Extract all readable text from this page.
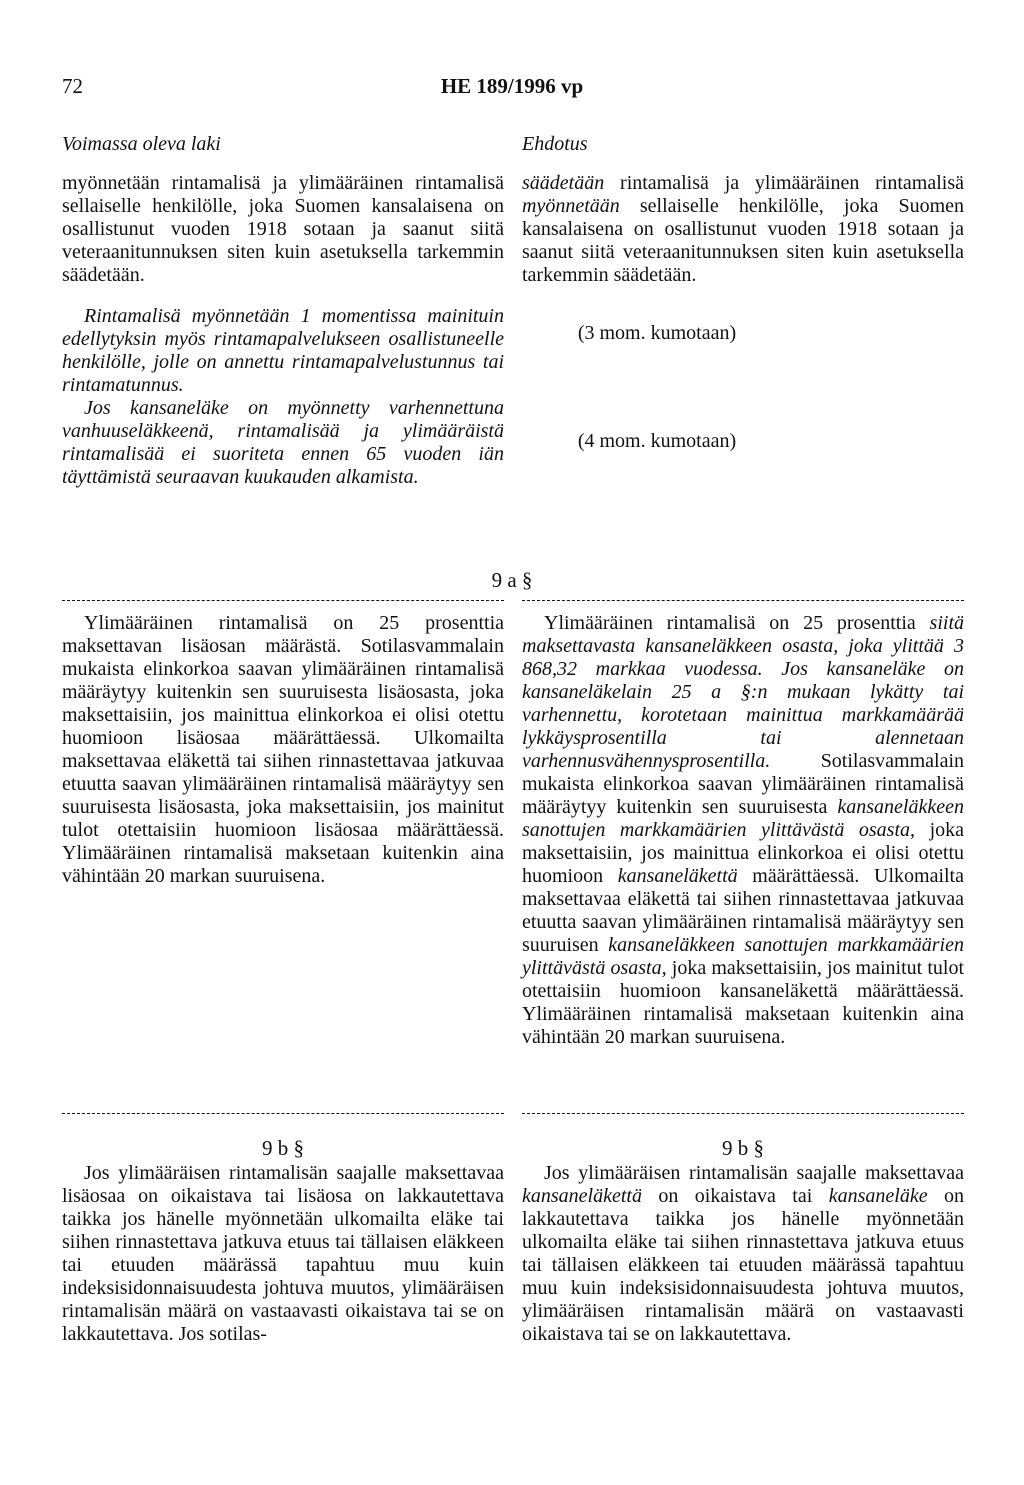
72	HE 189/1996 vp
Voimassa oleva laki	Ehdotus

myönnetään rintamalisä ja ylimääräinen rintamalisä sellaiselle henkilölle, joka Suomen kansalaisena on osallistunut vuoden 1918 sotaan ja saanut siitä veteraanitunnuksen siten kuin asetuksella tarkemmin säädetään.

Rintamalisä myönnetään 1 momentissa mainituin edellytyksin myös rintamapalvelukseen osallistuneelle henkilölle, jolle on annettu rintamapalvelustunnus tai rintamatunnus.

Jos kansaneläke on myönnetty varhennettuna vanhuuseläkkeenä, rintamalisää ja ylimääräistä rintamalisää ei suoriteta ennen 65 vuoden iän täyttämistä seuraavan kuukauden alkamista.

säädetään rintamalisä ja ylimääräinen rintamalisä myönnetään sellaiselle henkilölle, joka Suomen kansalaisena on osallistunut vuoden 1918 sotaan ja saanut siitä veteraanitunnuksen siten kuin asetuksella tarkemmin säädetään.

(3 mom. kumotaan)
(4 mom. kumotaan)
9 a §

Ylimääräinen rintamalisä on 25 prosenttia maksettavan lisäosan määrästä. Sotilasvammalain mukaista elinkorkoa saavan ylimääräinen rintamalisä määräytyy kuitenkin sen suuruisesta lisäosasta, joka maksettaisiin, jos mainittua elinkorkoa ei olisi otettu huomioon lisäosaa määrättäessä. Ulkomailta maksettavaa eläkettä tai siihen rinnastettavaa jatkuvaa etuutta saavan ylimääräinen rintamalisä määräytyy sen suuruisesta lisäosasta, joka maksettaisiin, jos mainitut tulot otettaisiin huomioon lisäosaa määrättäessä. Ylimääräinen rintamalisä maksetaan kuitenkin aina vähintään 20 markan suuruisena.

Ylimääräinen rintamalisä on 25 prosenttia siitä maksettavasta kansaneläkkeen osasta, joka ylittää 3 868,32 markkaa vuodessa. Jos kansaneläke on kansaneläkelain 25 a §:n mukaan lykätty tai varhennettu, korotetaan mainittua markkamäärää lykkäysprosentilla tai alennetaan varhennusvähennysprosentilla. Sotilasvammalain mukaista elinkorkoa saavan ylimääräinen rintamalisä määräytyy kuitenkin sen suuruisesta kansaneläkkeen sanottujen markkamäärien ylittävästä osasta, joka maksettaisiin, jos mainittua elinkorkoa ei olisi otettu huomioon kansaneläkettä määrättäessä. Ulkomailta maksettavaa eläkettä tai siihen rinnastettavaa jatkuvaa etuutta saavan ylimääräinen rintamalisä määräytyy sen suuruisen kansaneläkkeen sanottujen markkamäärien ylittävästä osasta, joka maksettaisiin, jos mainitut tulot otettaisiin huomioon kansaneläkettä määrättäessä. Ylimääräinen rintamalisä maksetaan kuitenkin aina vähintään 20 markan suuruisena.

9 b §	9 b §

Jos ylimääräisen rintamalisän saajalle maksettavaa lisäosaa on oikaistava tai lisäosa on lakkautettava taikka jos hänelle myönnetään ulkomailta eläke tai siihen rinnastettava jatkuva etuus tai tällaisen eläkkeen tai etuuden määrässä tapahtuu muu kuin indeksisidonnaisuudesta johtuva muutos, ylimääräisen rintamalisän määrä on vastaavasti oikaistava tai se on lakkautettava. Jos sotilas-

Jos ylimääräisen rintamalisän saajalle maksettavaa kansaneläkettä on oikaistava tai kansaneläke on lakkautettava taikka jos hänelle myönnetään ulkomailta eläke tai siihen rinnastettava jatkuva etuus tai tällaisen eläkkeen tai etuuden määrässä tapahtuu muu kuin indeksisidonnaisuudesta johtuva muutos, ylimääräisen rintamalisän määrä on vastaavasti oikaistava tai se on lakkautettava.
